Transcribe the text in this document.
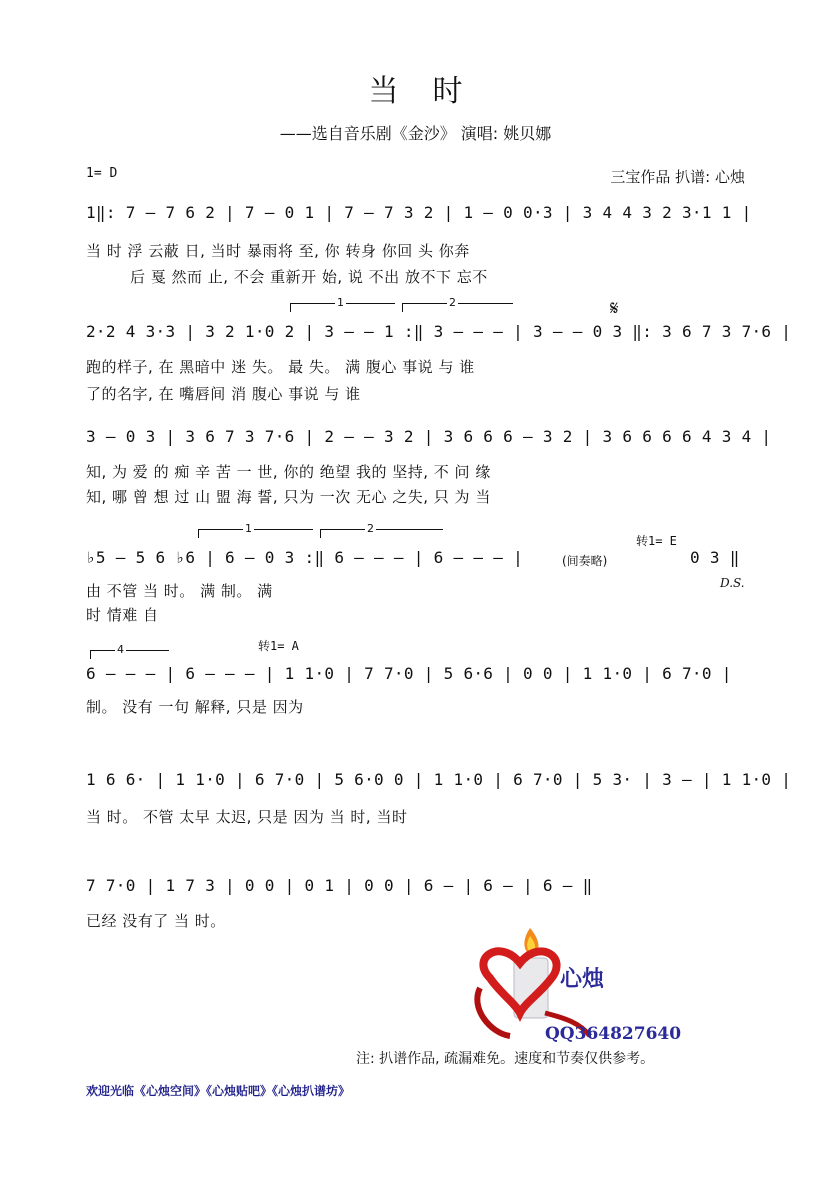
当时
——选自音乐剧《金沙》 演唱: 姚贝娜
1= D	三宝作品 扒谱: 心烛
1‖: 7 – 7 6 2 | 7 – 0 1 | 7 – 7 3 2 | 1 – 0 0·3 | 3 4 4 3 2 3·1 1 |
当 时 浮 云蔽 日, 当时 暴雨将 至, 你 转身 你回 头 你奔
后 戛 然而 止, 不会 重新开 始, 说 不出 放不下 忘不
1	2	𝄋
2·2 4 3·3 | 3 2 1·0 2 | 3 – – 1 :‖ 3 – – – | 3 – – 0 3 ‖: 3 6 7 3 7·6 |
跑的样子, 在 黑暗中 迷 失。 最 失。 满 腹心 事说 与 谁
了的名字, 在 嘴唇间 消 腹心 事说 与 谁
3 – 0 3 | 3 6 7 3 7·6 | 2 – – 3 2 | 3 6 6 6 – 3 2 | 3 6 6 6 6 4 3 4 |
知, 为 爱 的 痴 辛 苦 一 世, 你的 绝望 我的 坚持, 不 问 缘
知, 哪 曾 想 过 山 盟 海 誓, 只为 一次 无心 之失, 只 为 当
1	2
♭5 – 5 6 ♭6 | 6 – 0 3 :‖ 6 – – – | 6 – – – |	(间奏略)
转1= E
0 3 ‖
D.S.
由 不管 当 时。 满 制。 满
时 情难 自
4	转1= A
6 – – – | 6 – – – | 1 1·0 | 7 7·0 | 5 6·6 | 0 0 | 1 1·0 | 6 7·0 |
制。 没有 一句 解释, 只是 因为
1 6 6· | 1 1·0 | 6 7·0 | 5 6·0 0 | 1 1·0 | 6 7·0 | 5 3· | 3 – | 1 1·0 |
当 时。 不管 太早 太迟, 只是 因为 当 时, 当时
7 7·0 | 1 7 3 | 0 0 | 0 1 | 0 0 | 6 – | 6 – | 6 – ‖
已经 没有了 当 时。
心烛
QQ364827640
注: 扒谱作品, 疏漏难免。速度和节奏仅供参考。
欢迎光临《心烛空间》《心烛贴吧》《心烛扒谱坊》
